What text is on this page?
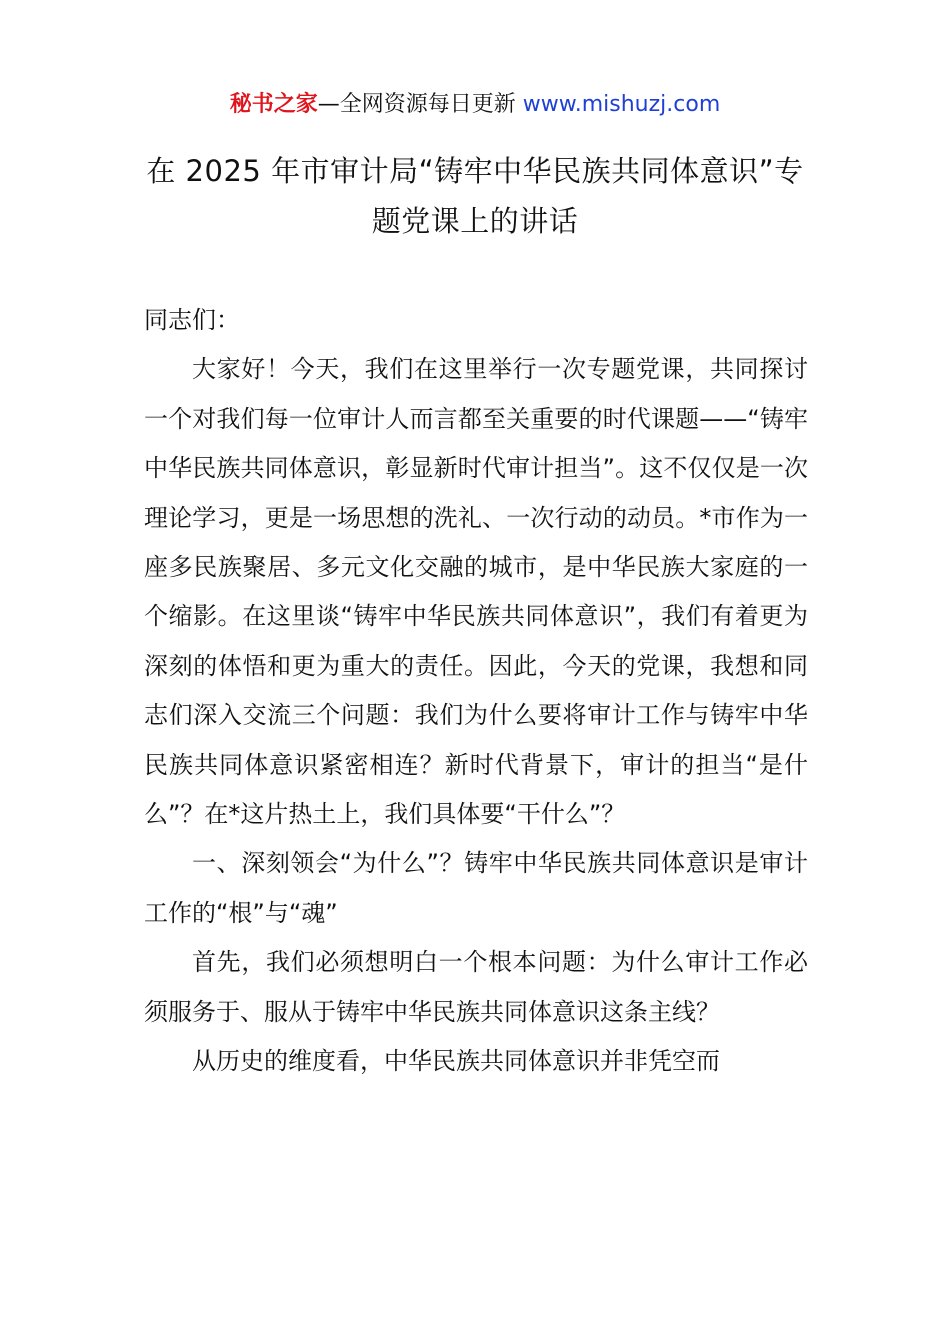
秘书之家—全网资源每日更新 www.mishuzj.com
在 2025 年市审计局“铸牢中华民族共同体意识”专题党课上的讲话

同志们：

大家好！今天，我们在这里举行一次专题党课，共同探讨一个对我们每一位审计人而言都至关重要的时代课题——“铸牢中华民族共同体意识，彰显新时代审计担当”。这不仅仅是一次理论学习，更是一场思想的洗礼、一次行动的动员。*市作为一座多民族聚居、多元文化交融的城市，是中华民族大家庭的一个缩影。在这里谈“铸牢中华民族共同体意识”，我们有着更为深刻的体悟和更为重大的责任。因此，今天的党课，我想和同志们深入交流三个问题：我们为什么要将审计工作与铸牢中华民族共同体意识紧密相连？新时代背景下，审计的担当“是什么”？在*这片热土上，我们具体要“干什么”？

一、深刻领会“为什么”？铸牢中华民族共同体意识是审计工作的“根”与“魂”

首先，我们必须想明白一个根本问题：为什么审计工作必须服务于、服从于铸牢中华民族共同体意识这条主线？

从历史的维度看，中华民族共同体意识并非凭空而
